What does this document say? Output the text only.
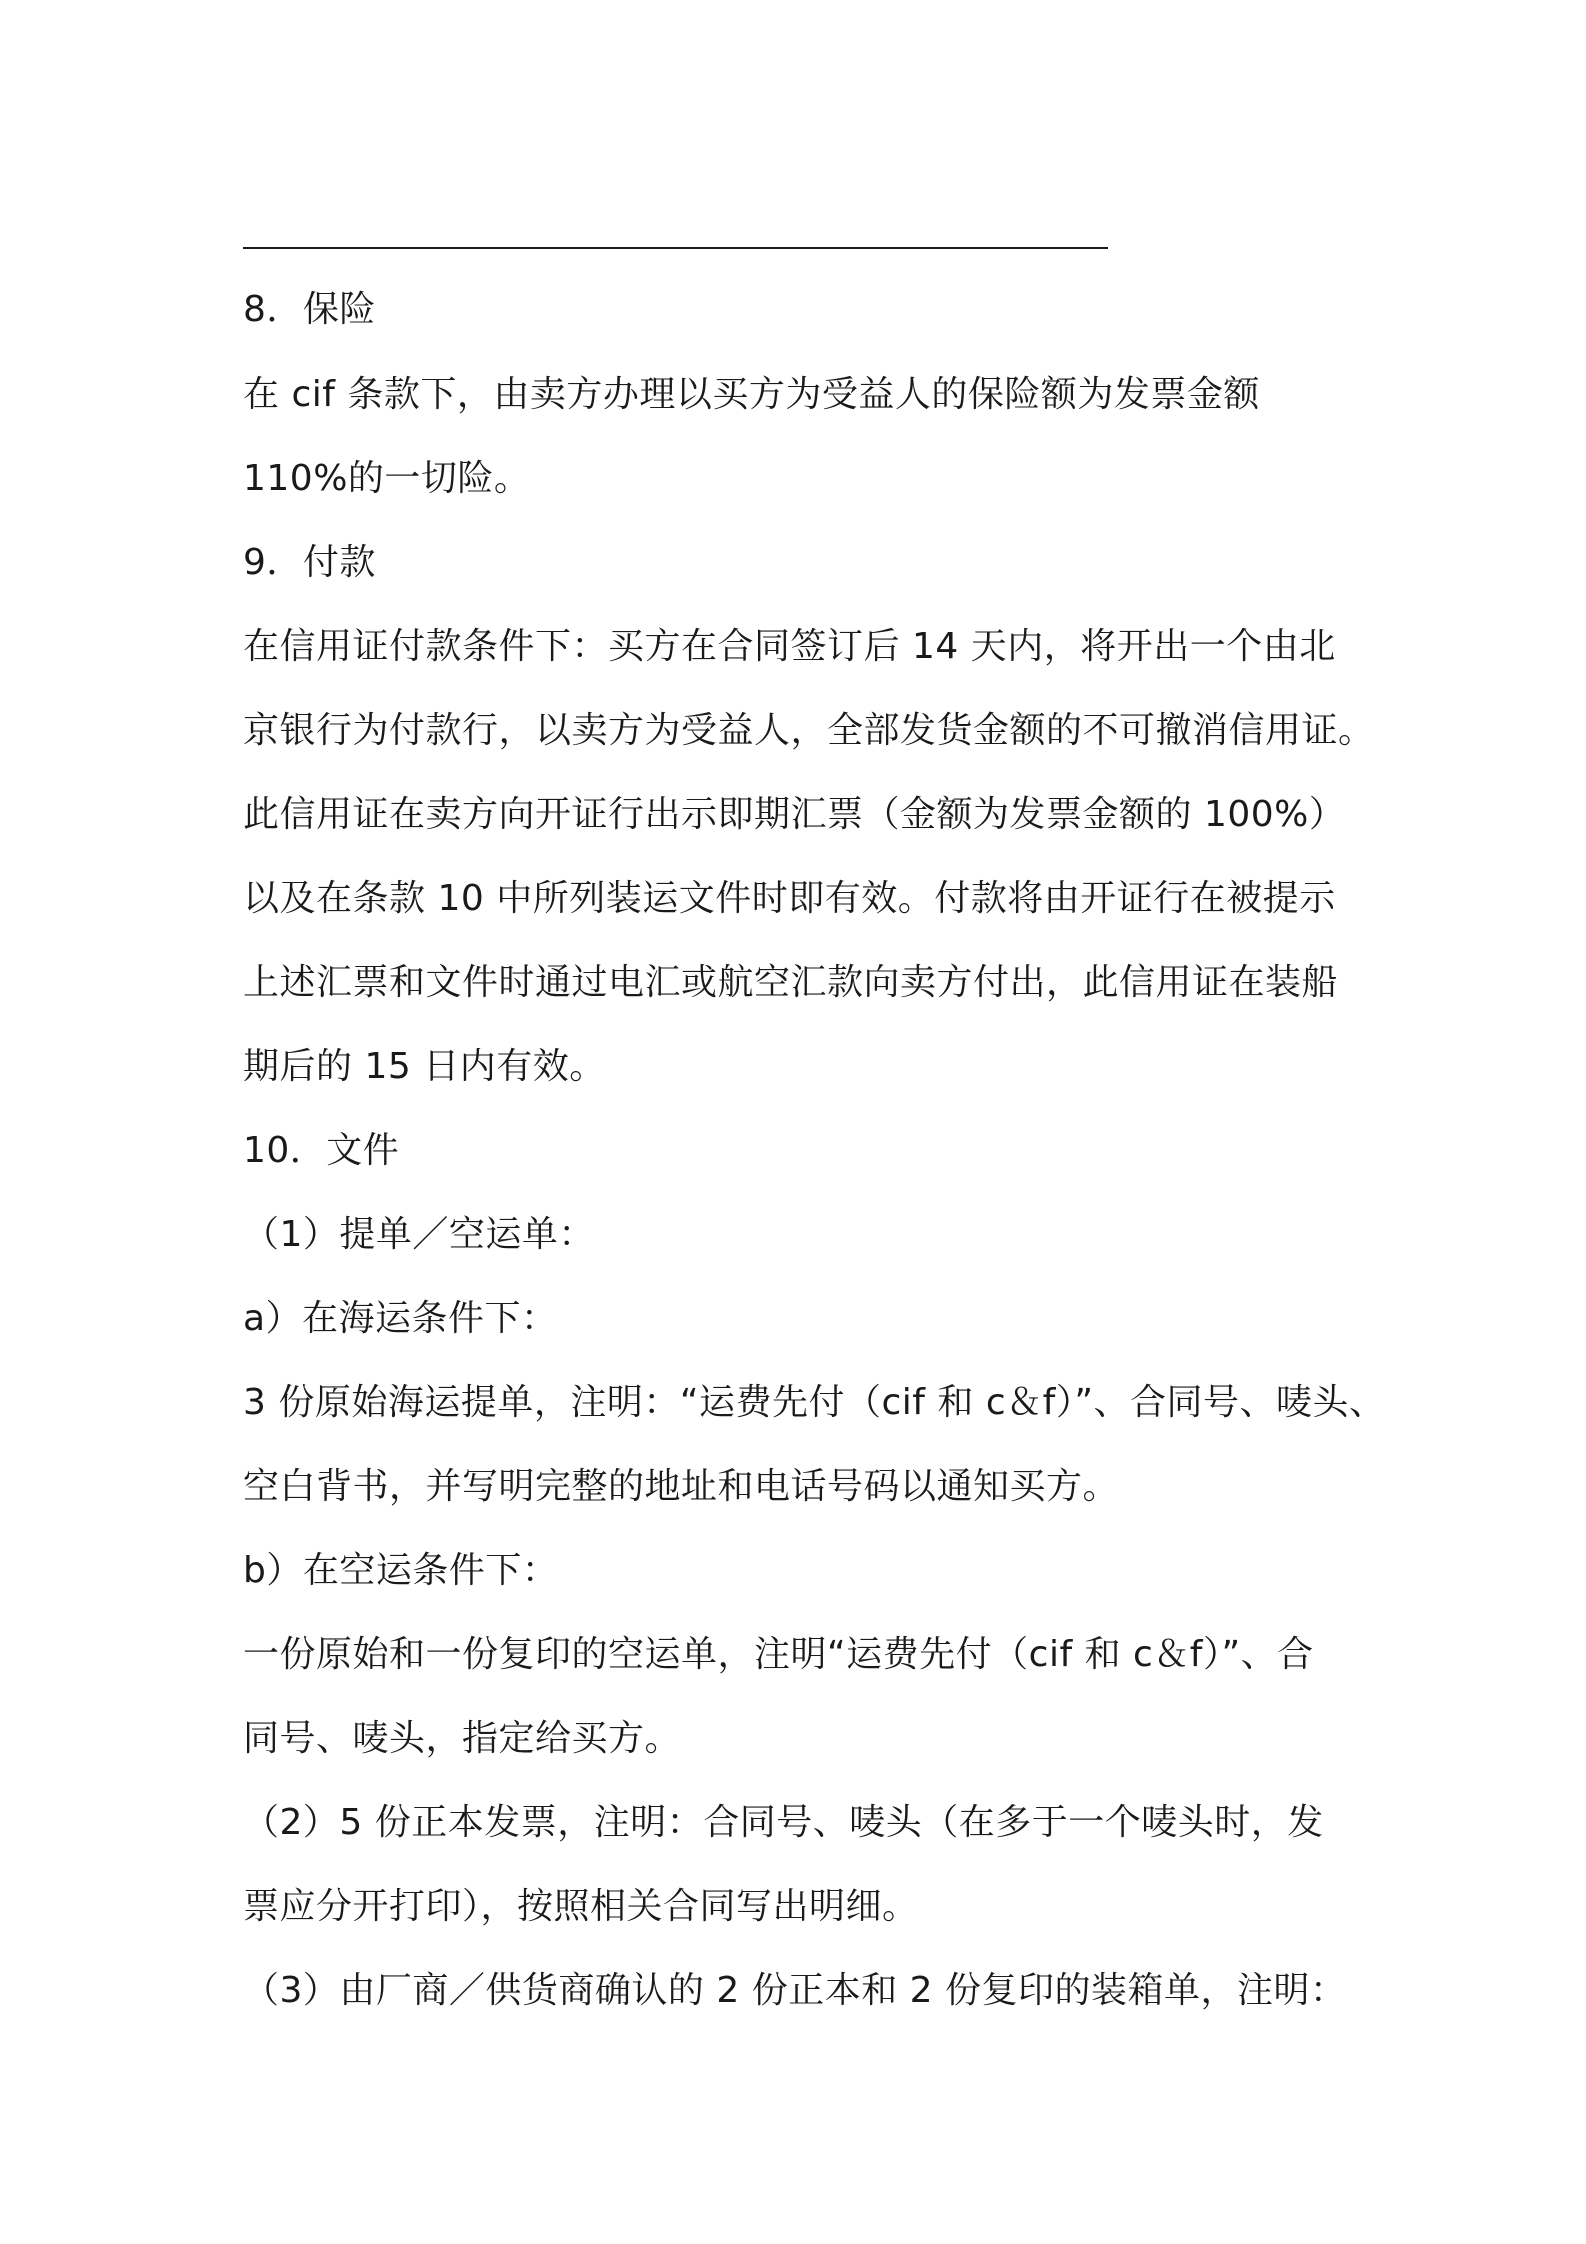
8．保险
在 cif 条款下，由卖方办理以买方为受益人的保险额为发票金额
110%的一切险。
9．付款
在信用证付款条件下：买方在合同签订后 14 天内，将开出一个由北
京银行为付款行，以卖方为受益人，全部发货金额的不可撤消信用证。
此信用证在卖方向开证行出示即期汇票（金额为发票金额的 100%）
以及在条款 10 中所列装运文件时即有效。付款将由开证行在被提示
上述汇票和文件时通过电汇或航空汇款向卖方付出，此信用证在装船
期后的 15 日内有效。
10．文件
（1）提单／空运单：
a）在海运条件下：
3 份原始海运提单，注明：“运费先付（cif 和 c＆f）”、合同号、唛头、
空白背书，并写明完整的地址和电话号码以通知买方。
b）在空运条件下：
一份原始和一份复印的空运单，注明“运费先付（cif 和 c＆f）”、合
同号、唛头，指定给买方。
（2）5 份正本发票，注明：合同号、唛头（在多于一个唛头时，发
票应分开打印），按照相关合同写出明细。
（3）由厂商／供货商确认的 2 份正本和 2 份复印的装箱单，注明：
